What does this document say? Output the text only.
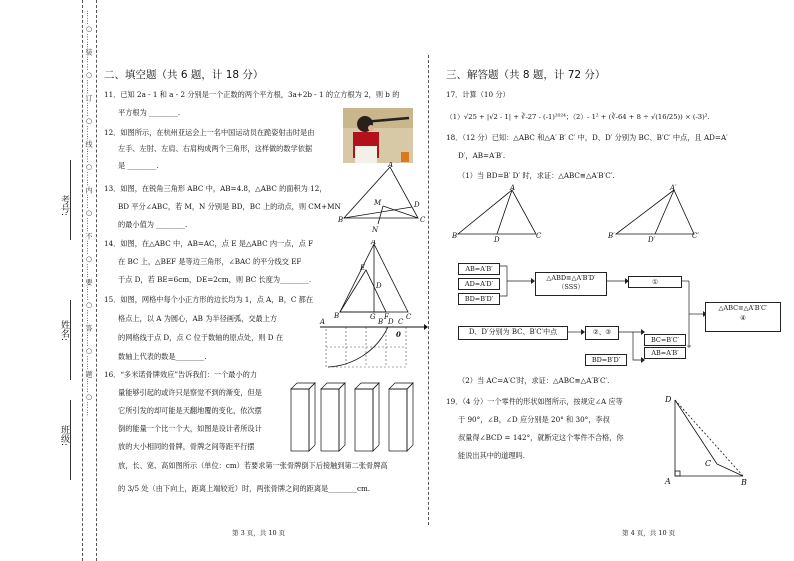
……○……装……○……订……○……线……○……内……○……不……○……要……○……答……○……题……○……
考号:
姓名:
班级:
二、填空题（共 6 题，计 18 分）
11．已知 2a - 1 和 a - 2 分别是一个正数的两个平方根，3a+2b - 1 的立方根为 2，则 b 的
平方根为 ________.
12．如图所示，在杭州亚运会上一名中国运动员在跪姿射击时是由
左手、左肘、左肩、右肩构成两个三角形，这样做的数学依据
是 ________.
13．如图，在锐角三角形 ABC 中，AB=4.8，△ABC 的面积为 12，
BD 平分∠ABC，若 M，N 分别是 BD，BC 上的动点，则 CM+MN
的最小值为 ________.
14．如图，在△ABC 中，AB=AC，点 E 是△ABC 内一点，点 F
在 BC 上，△BEF 是等边三角形，∠BAC 的平分线交 EF
于点 D，若 BE=6cm，DE=2cm，则 BC 长度为________.
15．如图，网格中每个小正方形的边长均为 1，点 A，B，C 都在
格点上，以 A 为圆心，AB 为半径画弧，交最上方
的网格线于点 D，点 C 位于数轴的原点处，则 D 在
数轴上代表的数是________.
16．“多米诺骨牌效应”告诉我们：一个最小的力
量能够引起的或许只是察觉不到的渐变，但是
它所引发的却可能是天翻地覆的变化，依次摆
倒的能量一个比一个大，如图是设计者所设计
放的大小相同的骨牌，骨牌之间等距平行摆
放，长、宽、高如图所示（单位：cm）若要求第一张骨牌倒下后接触到第二张骨牌高
的 3/5 处（由下向上，距离上端较近）时，两张骨牌之间的距离是________cm.
A
B	C
D
M
N
A
E
D
B	G F C
A	B D C
0
第 3 页，共 10 页
三、解答题（共 8 题，计 72 分）
17．计算（10 分）
（1）√25 + |√2 - 1| + ∛-27 - (-1)²⁰²⁴；（2）- 1² + (∛-64 + 8 ÷ √(16/25)) × (-3)².
18．（12 分）已知：△ABC 和△A′ B′ C′ 中，D、D′ 分别为 BC、B′C′ 中点，且 AD=A′
D′，AB=A′B′.
（1）当 BD=B′ D′ 时，求证：△ABC≌△A′B′C′.
A
B	D	C
A′
B′	D′	C′
AB=A′B′
AD=A′D′
BD=B′D′
△ABD≌△A′B′D′
（SSS）
①
D、D′分别为 BC、B′C′中点	②、③
BC=B′C′
AB=A′B′
BD=B′D′
△ABC≌△A′B′C′
④
（2）当 AC=A′C′时，求证：△ABC≌△A′B′C′.
19．（4 分）一个零件的形状如图所示，按规定∠A 应等
于 90°，∠B，∠D 应分别是 20° 和 30°，李叔
叔量得∠BCD = 142°，就断定这个零件不合格，你
能说出其中的道理吗.
D
C
A	B
第 4 页，共 10 页
